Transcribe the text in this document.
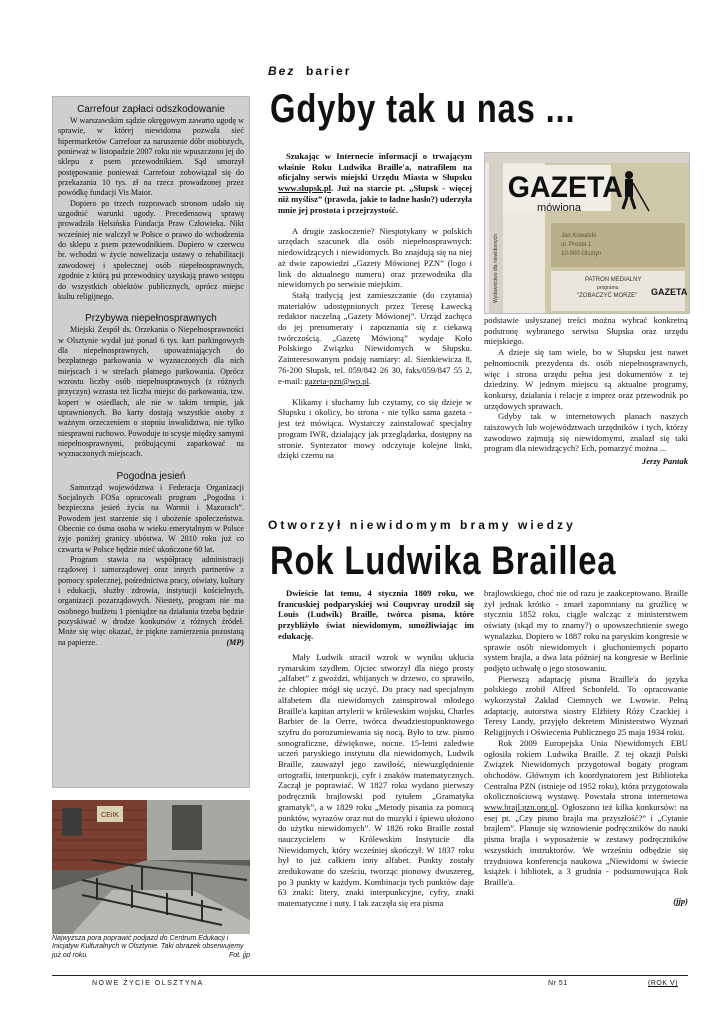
Carrefour zapłaci odszkodowanie

W warszawskim sądzie okręgowym zawarto ugodę w sprawie, w której niewidoma pozwała sieć hipermarketów Carrefour za naruszenie dóbr osobistych, ponieważ w listopadzie 2007 roku nie wpuszczono jej do sklepu z psem przewodnikiem. Sąd umorzył postępowanie ponieważ Carrefour zobowiązał się do przekazania 10 tys. zł na rzecz prowadzonej przez powódkę fundacji Vis Maior.

Dopiero po trzech rozprawach stronom udało się uzgodnić warunki ugody. Precedensową sprawę prowadziła Helsińska Fundacja Praw Człowieka. Nikt wcześniej nie walczył w Polsce o prawo do wchodzenia do sklepu z psem przewodnikiem. Dopiero w czerwcu br. wchodzi w życie nowelizacja ustawy o rehabilitacji zawodowej i społecznej osób niepełnosprawnych, zgodnie z którą psi przewodnicy uzyskają prawo wstępu do wszystkich obiektów publicznych, oprócz miejsc kultu religijnego.

Przybywa niepełnosprawnych

Miejski Zespół ds. Orzekania o Niepełnosprawności w Olsztynie wydał już ponad 6 tys. kart parkingowych dla niepełnosprawnych, upoważniających do bezpłatnego parkowania w wyznaczonych dla nich miejscach i w strefach płatnego parkowania. Oprócz wzrostu liczby osób niepełnosprawnych (z różnych przyczyn) wzrasta też liczba miejsc do parkowania, tzw. kopert w osiedlach, ale nie w takim tempie, jak uprawnionych. Bo karty dostają wszystkie osoby z ważnym orzeczeniem o stopniu inwalidztwa, nie tylko niesprawni ruchowo. Powoduje to scysje między samymi niepełnosprawnymi, próbującymi zaparkować na wyznaczonych miejscach.

Pogodna jesień

Samorząd województwa i Federacja Organizacji Socjalnych FOSa opracowali program „Pogodna i bezpieczna jesień życia na Warmii i Mazurach”. Powodem jest starzenie się i ubożenie społeczeństwa. Obecnie co ósma osoba w wieku emerytalnym w Polsce żyje poniżej granicy ubóstwa. W 2010 roku już co czwarta w Polsce będzie mieć ukończone 60 lat.

Program stawia na współpracę administracji rządowej i samorządowej oraz innych partnerów z pomocy społecznej, pośrednictwa pracy, oświaty, kultury i edukacji, służby zdrowia, instytucji kościelnych, organizacji pozarządowych. Niestety, program nie ma osobnego budżetu 1 pieniądze na działania trzeba będzie pozyskiwać w drodze konkursów z różnych źródeł. Może się więc okazać, że piękne zamierzenia pozostaną na papierze.	(MP)

CEiIK
Najwyższa pora poprawić podjazd do Centrum Edukacji i Inicjatyw Kulturalnych w Olsztynie. Taki obrazek obserwujemy już od roku.	Fot. jjp
Bez barier
Gdyby tak u nas ...

Szukając w Internecie informacji o trwającym właśnie Roku Ludwika Braille'a, natrafiłem na oficjalny serwis miejski Urzędu Miasta w Słupsku www.slupsk.pl. Już na starcie pt. „Słupsk - więcej niż myślisz” (prawda, jakie to ładne hasło?) uderzyła mnie jej prostota i przejrzystość.

A drugie zaskoczenie? Niespotykany w polskich urzędach szacunek dla osób niepełnosprawnych: niedowidzących i niewidomych. Bo znajdują się na niej aż dwie zapowiedzi „Gazety Mówionej PZN” (logo i link do aktualnego numeru) oraz przewodnika dla niewidomych po serwisie miejskim.

Stałą tradycją jest zamieszczanie (do czytania) materiałów udostępnionych przez Teresę Ławecką redaktor naczelną „Gazety Mówionej”. Urząd zachęca do jej prenumeraty i zapoznania się z ciekawą twórczością. „Gazetę Mówioną” wydaje Koło Polskiego Związku Niewidomych w Słupsku. Zainteresowanym podaję namiary: al. Sienkiewicza 8, 76-200 Słupsk, tel. 059/842 26 30, faks/059/847 55 2, e-mail: gazeta-pzn@wp.pl.

Klikamy i słuchamy lub czytamy, co się dzieje w Słupsku i okolicy, bo strona - nie tylko sama gazeta - jest też mówiąca. Wystarczy zainstalować specjalny program IWR, działający jak przeglądarka, dostępny na stronie. Syntezator mowy odczytuje kolejne linki, dzięki czemu na

Jan Kowalski
ul. Prosta 1
10-000 Olsztyn
GAZETA
mówiona
Wydawnictwo dla niewidomych	PATRON MEDIALNY
programu
"ZOBACZYĆ MORZE" GAZETA

podstawie usłyszanej treści można wybrać konkretną podstronę wybranego serwisu Słupska oraz urzędu miejskiego.

A dzieje się tam wiele, bo w Słupsku jest nawet pełnomocnik prezydenta ds. osób niepełnosprawnych, więc i strona urzędu pełna jest dokumentów z tej dziedziny. W jednym miejscu są aktualne programy, konkursy, działania i relacje z imprez oraz przewodnik po urzędowych sprawach.

Gdyby tak w internetowych planach naszych raiszowych lub województwach urzędników i tych, którzy zawodowo zajmują się niewidomymi, znalazł się taki program dla niewidzących? Ech, pomarzyć można ...

Jerzy Pantak
Otworzył niewidomym bramy wiedzy
Rok Ludwika Braillea

Dwieście lat temu, 4 stycznia 1809 roku, we francuskiej podparyskiej wsi Coupvray urodził się Louis (Ludwik) Braille, twórca pisma, które przybliżyło świat niewidomym, umożliwiając im edukację.

Mały Ludwik stracił wzrok w wyniku ukłucia rymarskim szydłem. Ojciec stworzył dla niego prosty „alfabet” z gwoździ, wbijanych w drzewo, co sprawiło, że chłopiec mógł się uczyć. Do pracy nad specjalnym alfabetem dla niewidomych zainspirował młodego Braille'a kapitan artylerii w królewskim wojsku, Charles Barbier de la Oerre, twórca dwudziestopunktowego szyfru do porozumiewania się nocą. Było to tzw. pismo sonograficzne, dźwiękowe, nocne. 15-letni zaledwie uczeń paryskiego instytutu dla niewidomych, Ludwik Braille, zauważył jego zawiłość, niewuzględnienie ortografii, interpunkcji, cyfr i znaków matematycznych. Zaczął je poprawiać. W 1827 roku wydano pierwszy podręcznik brajlowski pod tytułem „Gramatyka gramatyk”, a w 1829 roku „Metody pisania za pomocą punktów, wyrazów oraz nut do muzyki i śpiewu ułożono do użytku niewidomych”. W 1826 roku Braille został nauczycielem w Królewskim Instytucie dla Niewidomych, który wcześniej skończył. W 1837 roku był to już całkiem inny alfabet. Punkty zostały zredukowane do sześciu, tworząc pionowy dwuszereg, po 3 punkty w każdym. Kombinacja tych punktów daje 63 znaki: litery, znaki interpunkcyjne, cyfry, znaki matematyczne i nuty. I tak zaczęła się era pisma

brajlowskiego, choć nie od razu je zaakceptowano. Braille żył jednak krótko - zmarł zapomniany na gruźlicę w styczniu 1852 roku, ciągle walcząc z ministerstwem oświaty (skąd my to znamy?) o upowszechnienie swego wynalazku. Dopiero w 1887 roku na paryskim kongresie w sprawie osób niewidomych i głuchoniemych poparto system brajla, a dwa lata później na kongresie w Berlinie podjęto uchwałę o jego stosowaniu.

Pierwszą adaptację pisma Braille'a do języka polskiego zrobił Alfred Schonfeld. To opracowanie wykorzystał Zakład Ciemnych we Lwowie. Pełną adaptację, autorstwa siostry Elżbiety Róży Czackiej i Teresy Landy, przyjęło dekretem Ministerstwo Wyznań Religijnych i Oświecenia Publicznego 25 maja 1934 roku.

Rok 2009 Europejska Unia Niewidomych EBU ogłosiła rokiem Ludwika Braille. Z tej okazji Polski Związek Niewidomych przygotował bogaty program obchodów. Głównym ich koordynatorem jest Biblioteka Centralna PZN (istnieje od 1952 roku), która przygotowała okolicznościową wystawę. Powstała strona internetowa www.brajl.pzn.org.pl. Ogłoszono też kilka konkursów: na esej pt. „Czy pismo brajla ma przyszłość?” i „Cytanie brajlem”. Planuje się wznowienie podręczników do nauki pisma brajla i wyposażenie w zestawy podręczników wszystkich instruktorów. We wrześniu odbędzie się trzydniowa konferencja naukowa „Niewidomi w świecie książek i bibliotek, a 3 grudnia - podsumowująca Rok Braille'a.

(jjp)
NOWE ŻYCIE OLSZTYNA	Nr 51	(ROK V)
